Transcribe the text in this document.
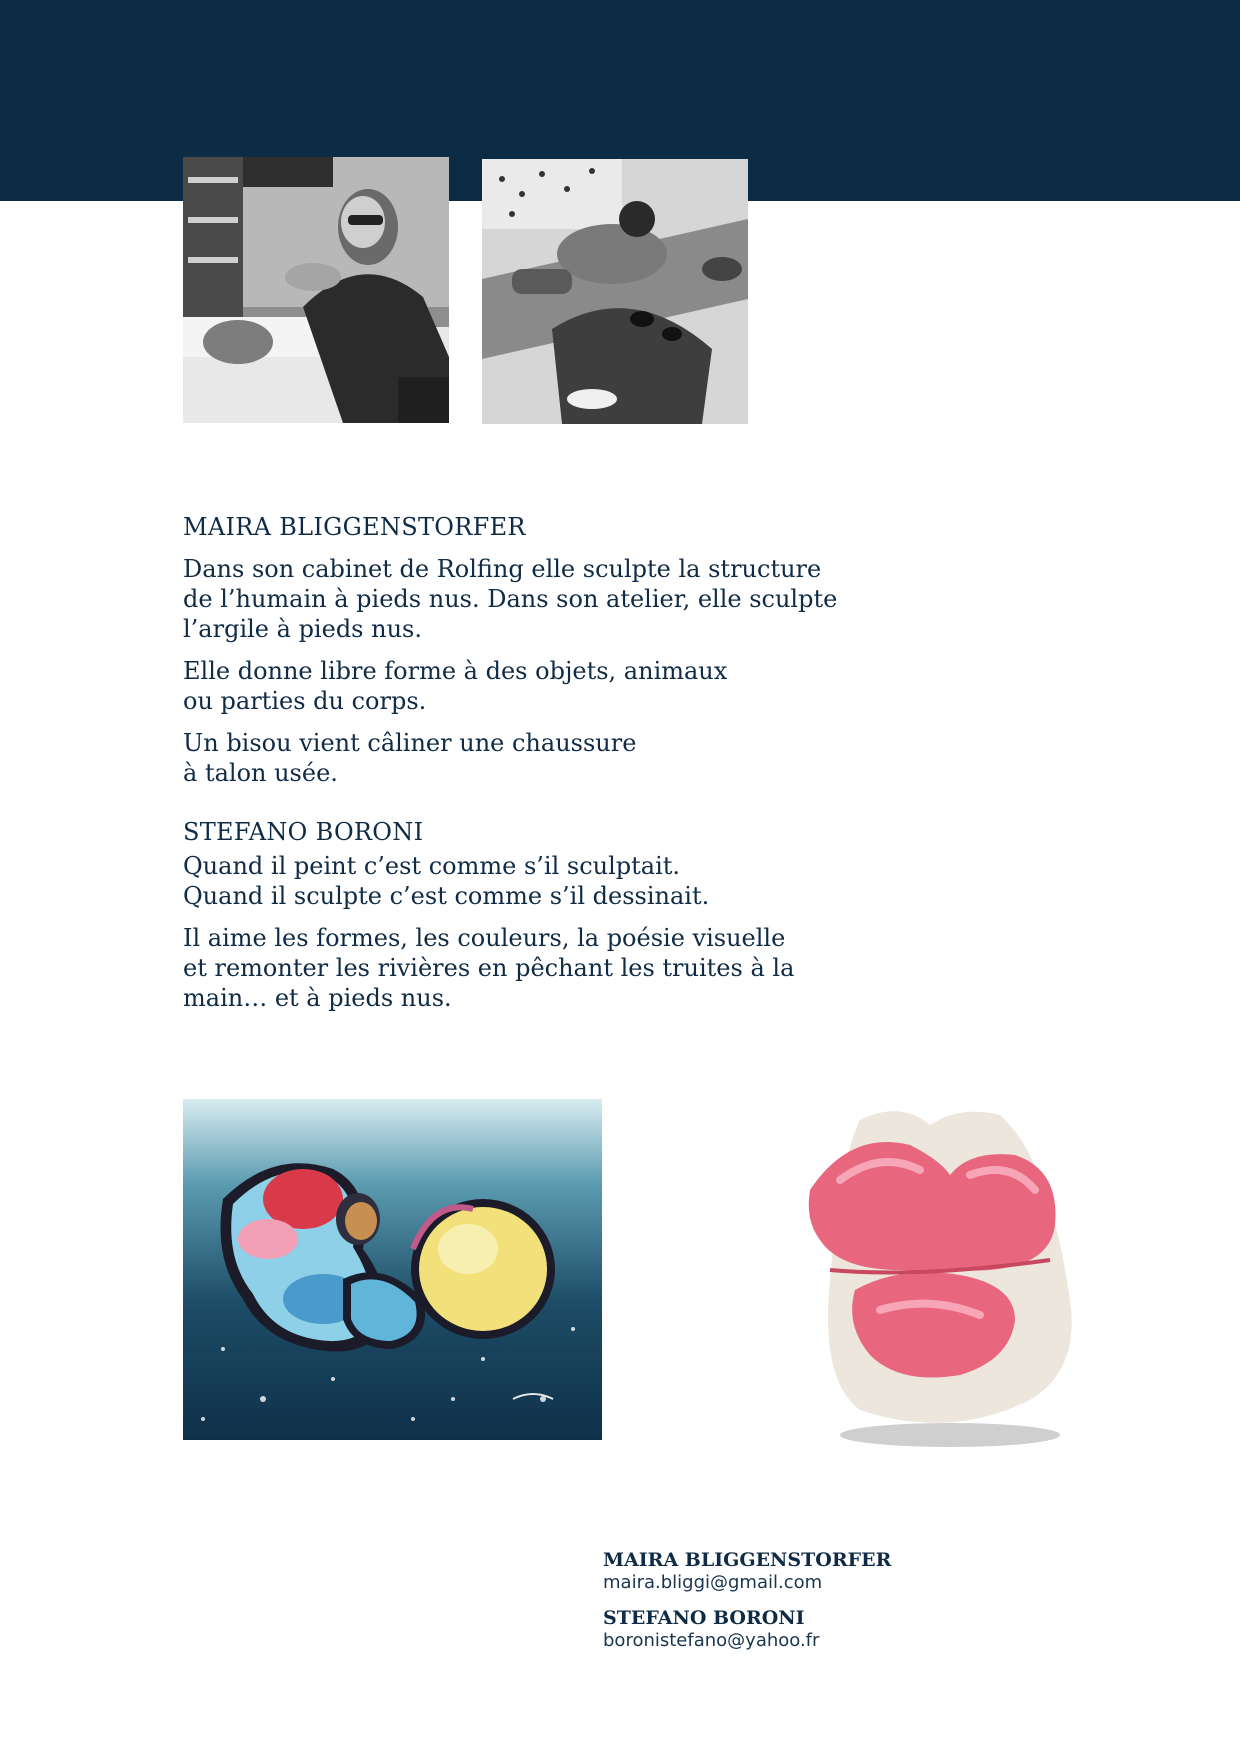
MAIRA BLIGGENSTORFER

Dans son cabinet de Rolfing elle sculpte la structure
de l’humain à pieds nus. Dans son atelier, elle sculpte
l’argile à pieds nus.

Elle donne libre forme à des objets, animaux
ou parties du corps.

Un bisou vient câliner une chaussure
à talon usée.

STEFANO BORONI

Quand il peint c’est comme s’il sculptait.
Quand il sculpte c’est comme s’il dessinait.

Il aime les formes, les couleurs, la poésie visuelle
et remonter les rivières en pêchant les truites à la
main… et à pieds nus.

MAIRA BLIGGENSTORFER

maira.bliggi@gmail.com

STEFANO BORONI

boronistefano@yahoo.fr
